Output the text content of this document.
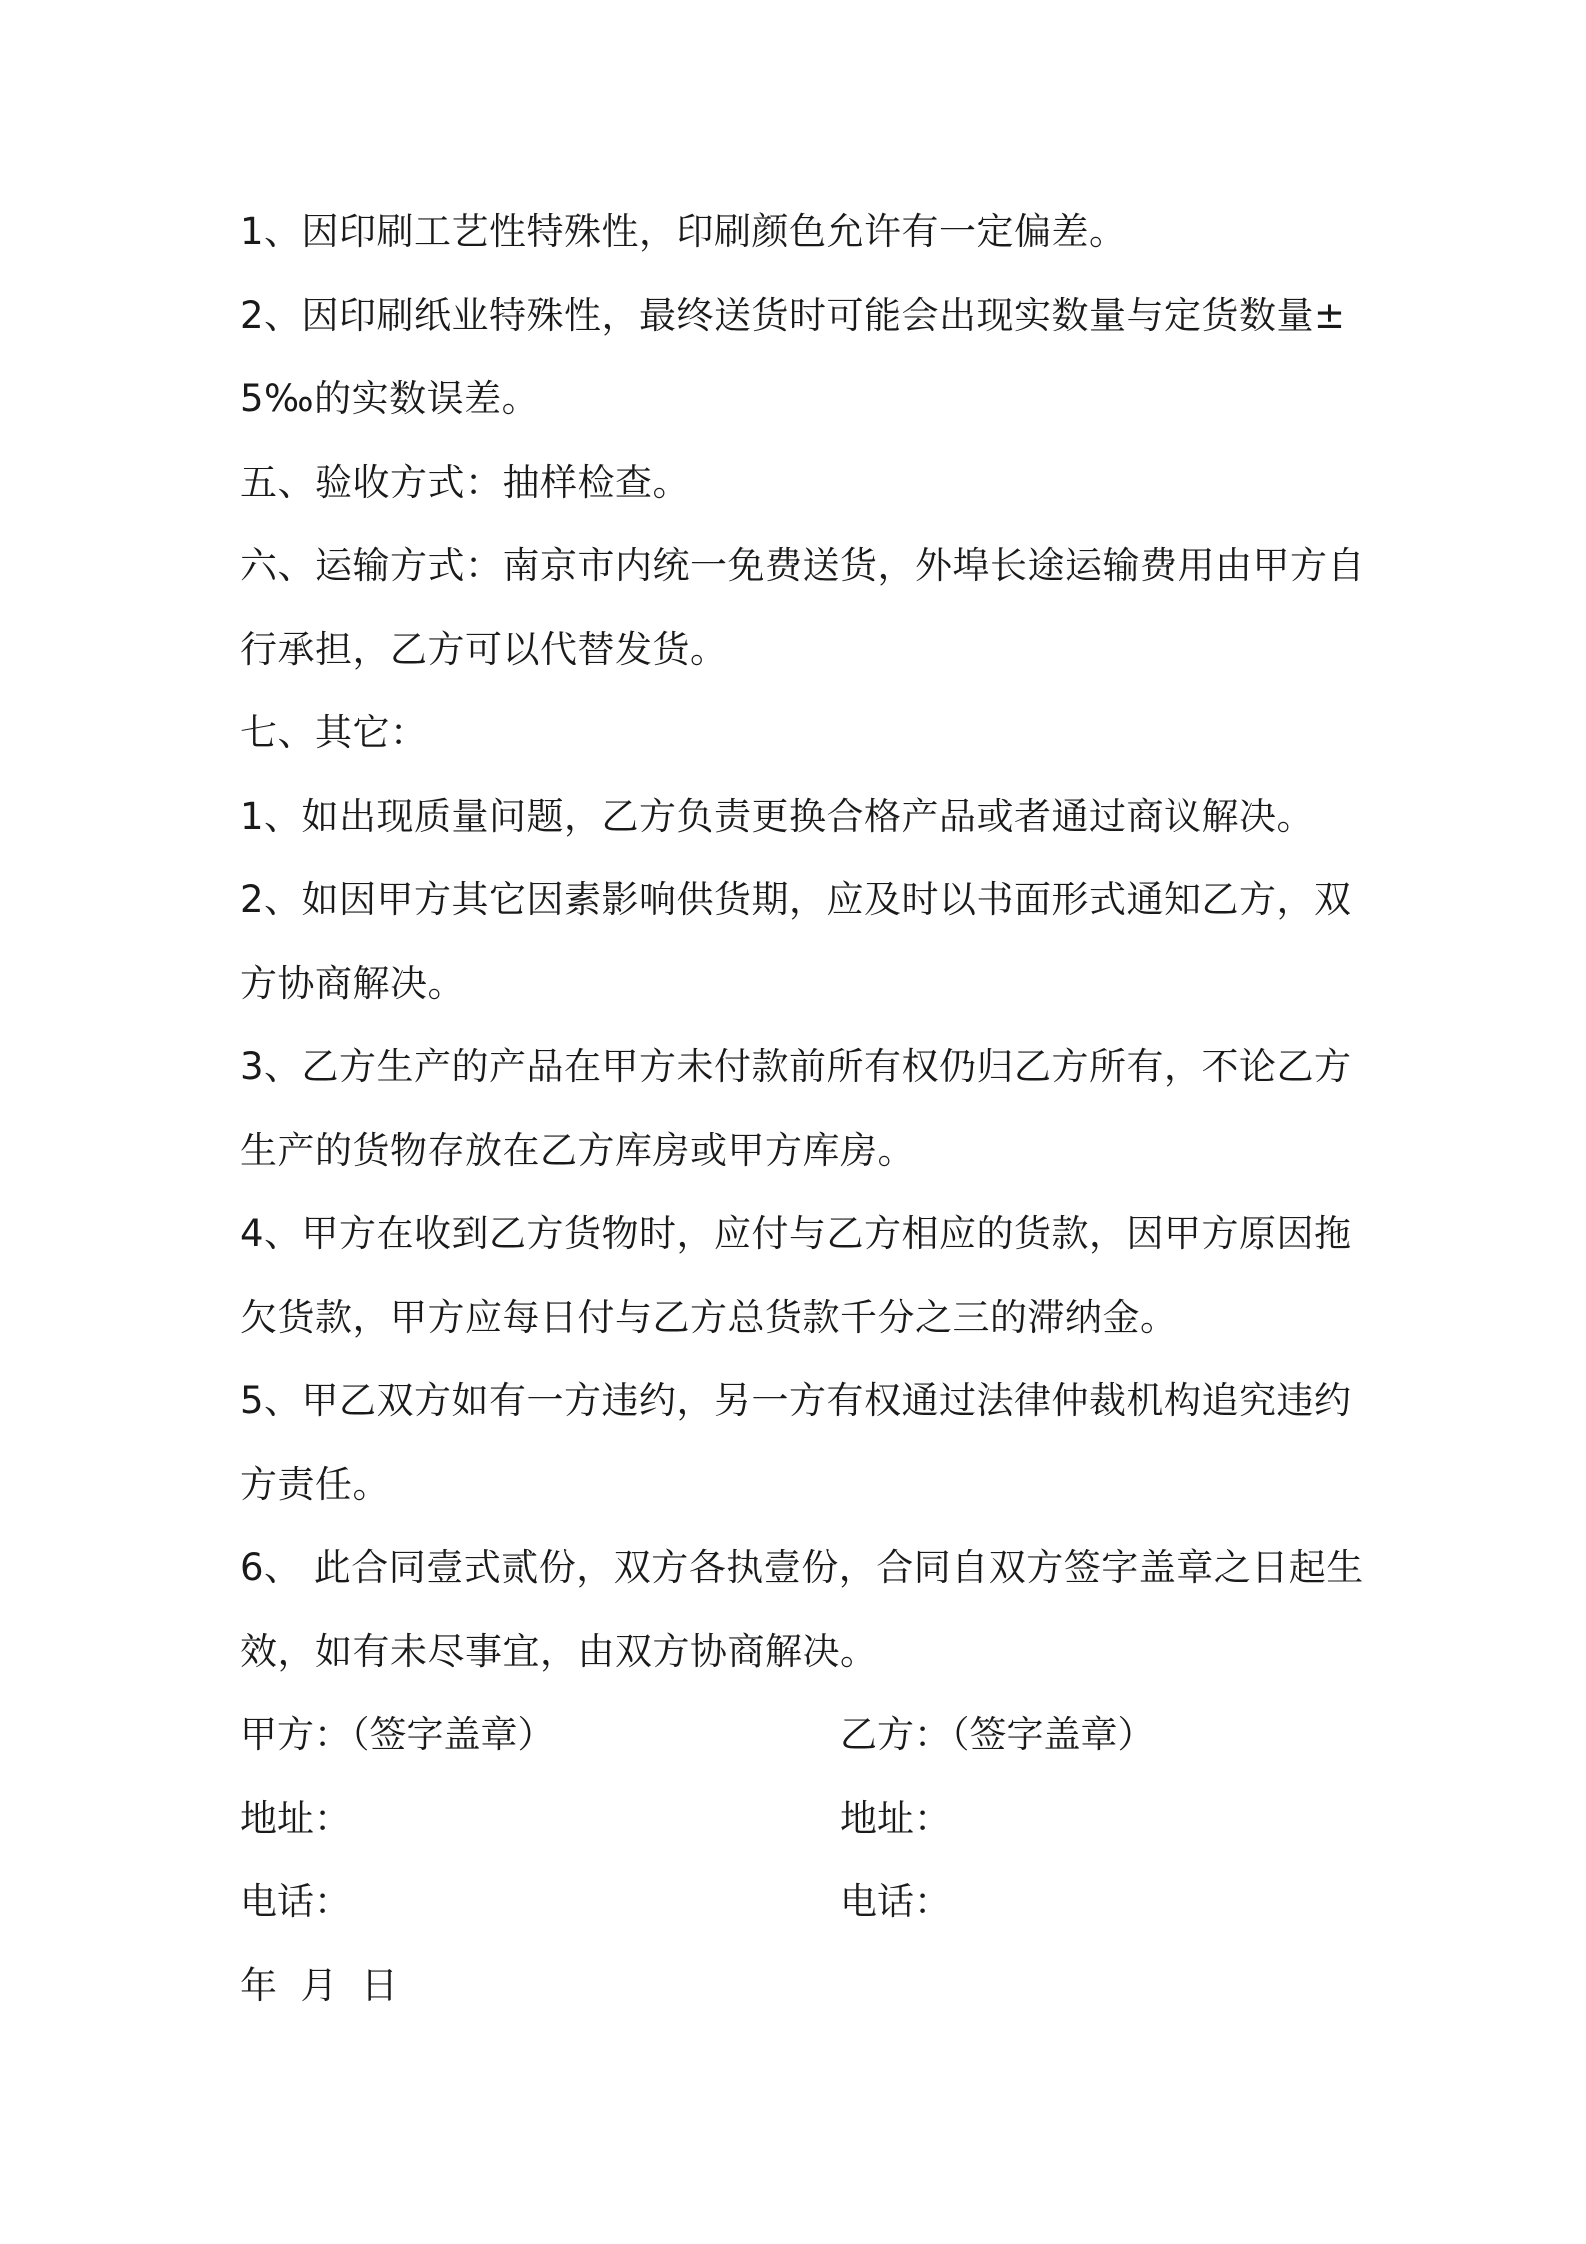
1、因印刷工艺性特殊性，印刷颜色允许有一定偏差。
2、因印刷纸业特殊性，最终送货时可能会出现实数量与定货数量±
5‰的实数误差。
五、验收方式：抽样检查。
六、运输方式：南京市内统一免费送货，外埠长途运输费用由甲方自
行承担，乙方可以代替发货。
七、其它：
1、如出现质量问题，乙方负责更换合格产品或者通过商议解决。
2、如因甲方其它因素影响供货期，应及时以书面形式通知乙方，双
方协商解决。
3、乙方生产的产品在甲方未付款前所有权仍归乙方所有，不论乙方
生产的货物存放在乙方库房或甲方库房。
4、甲方在收到乙方货物时，应付与乙方相应的货款，因甲方原因拖
欠货款，甲方应每日付与乙方总货款千分之三的滞纳金。
5、甲乙双方如有一方违约，另一方有权通过法律仲裁机构追究违约
方责任。
6、 此合同壹式贰份，双方各执壹份，合同自双方签字盖章之日起生
效，如有未尽事宜，由双方协商解决。
甲方：（签字盖章）	乙方：（签字盖章）
地址：	地址：
电话：	电话：
年  月  日
